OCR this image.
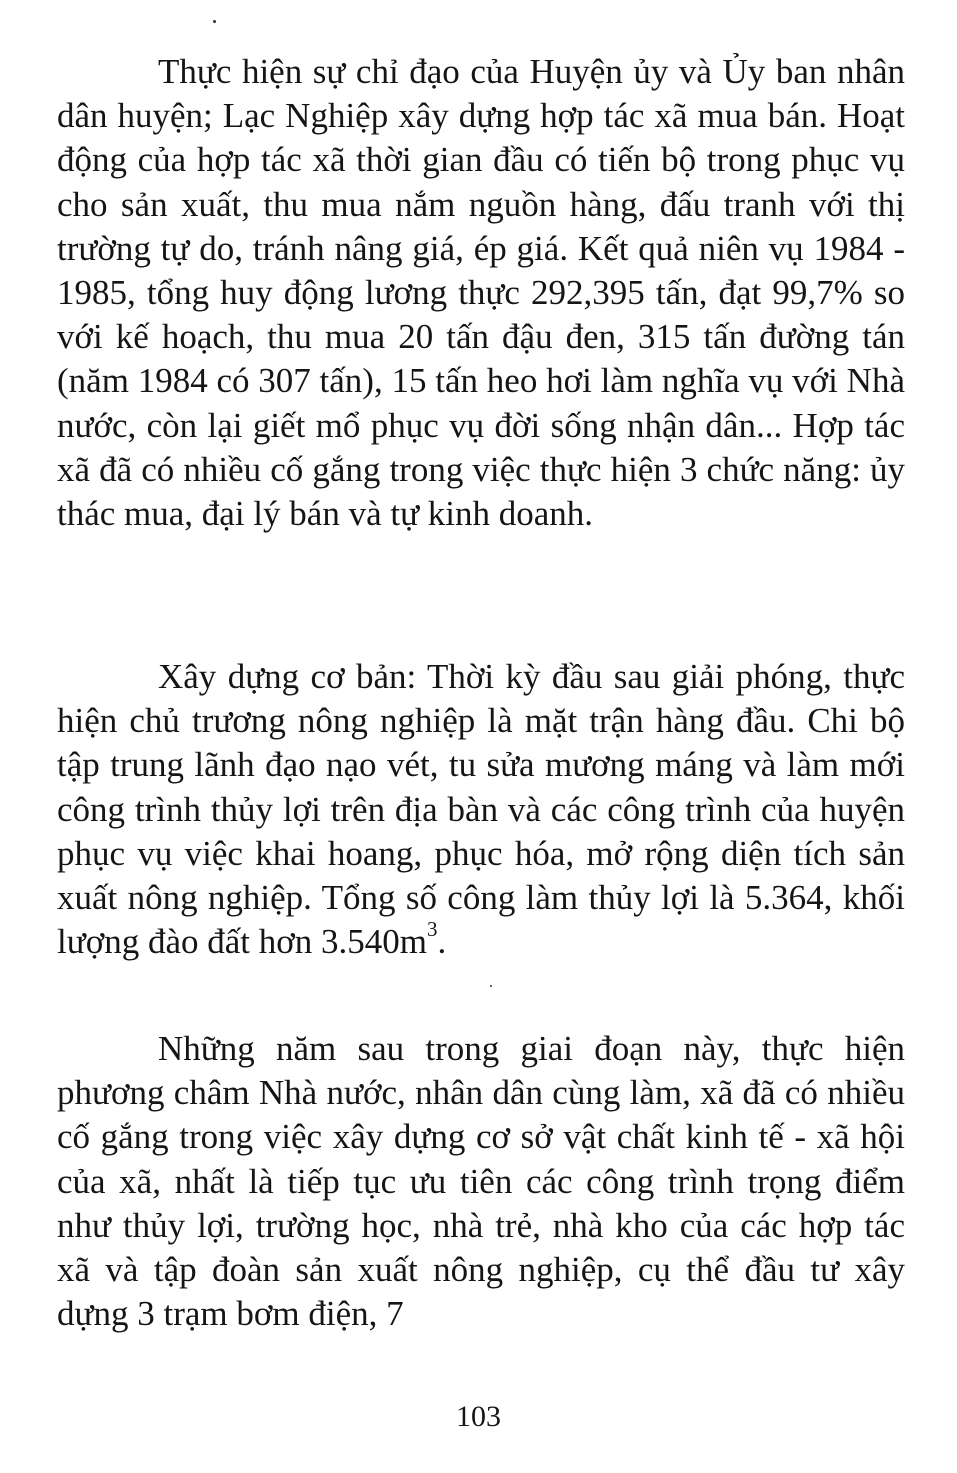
Thực hiện sự chỉ đạo của Huyện ủy và Ủy ban nhân dân huyện; Lạc Nghiệp xây dựng hợp tác xã mua bán. Hoạt động của hợp tác xã thời gian đầu có tiến bộ trong phục vụ cho sản xuất, thu mua nắm nguồn hàng, đấu tranh với thị trường tự do, tránh nâng giá, ép giá. Kết quả niên vụ 1984 - 1985, tổng huy động lương thực 292,395 tấn, đạt 99,7% so với kế hoạch, thu mua 20 tấn đậu đen, 315 tấn đường tán (năm 1984 có 307 tấn), 15 tấn heo hơi làm nghĩa vụ với Nhà nước, còn lại giết mổ phục vụ đời sống nhận dân... Hợp tác xã đã có nhiều cố gắng trong việc thực hiện 3 chức năng: ủy thác mua, đại lý bán và tự kinh doanh.

Xây dựng cơ bản: Thời kỳ đầu sau giải phóng, thực hiện chủ trương nông nghiệp là mặt trận hàng đầu. Chi bộ tập trung lãnh đạo nạo vét, tu sửa mương máng và làm mới công trình thủy lợi trên địa bàn và các công trình của huyện phục vụ việc khai hoang, phục hóa, mở rộng diện tích sản xuất nông nghiệp. Tổng số công làm thủy lợi là 5.364, khối lượng đào đất hơn $3.540m^3$.

Những năm sau trong giai đoạn này, thực hiện phương châm Nhà nước, nhân dân cùng làm, xã đã có nhiều cố gắng trong việc xây dựng cơ sở vật chất kinh tế - xã hội của xã, nhất là tiếp tục ưu tiên các công trình trọng điểm như thủy lợi, trường học, nhà trẻ, nhà kho của các hợp tác xã và tập đoàn sản xuất nông nghiệp, cụ thể đầu tư xây dựng 3 trạm bơm điện, 7

103
